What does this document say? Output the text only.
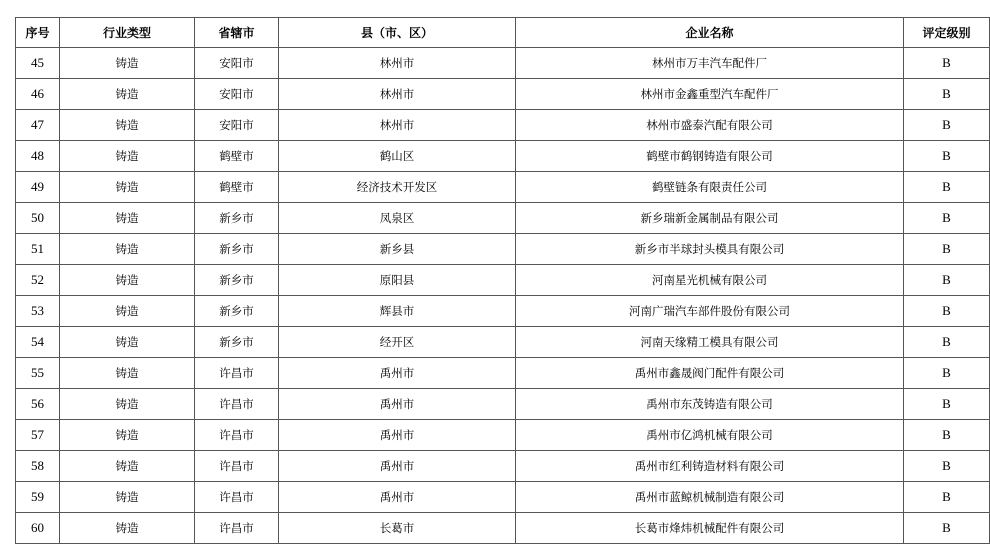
序号	行业类型	省辖市	县（市、区）	企业名称	评定级别
45	铸造	安阳市	林州市	林州市万丰汽车配件厂	B
46	铸造	安阳市	林州市	林州市金鑫重型汽车配件厂	B
47	铸造	安阳市	林州市	林州市盛泰汽配有限公司	B
48	铸造	鹤壁市	鹤山区	鹤壁市鹤钢铸造有限公司	B
49	铸造	鹤壁市	经济技术开发区	鹤壁链条有限责任公司	B
50	铸造	新乡市	凤泉区	新乡瑞新金属制品有限公司	B
51	铸造	新乡市	新乡县	新乡市半球封头模具有限公司	B
52	铸造	新乡市	原阳县	河南星光机械有限公司	B
53	铸造	新乡市	辉县市	河南广瑞汽车部件股份有限公司	B
54	铸造	新乡市	经开区	河南天缘精工模具有限公司	B
55	铸造	许昌市	禹州市	禹州市鑫晟阀门配件有限公司	B
56	铸造	许昌市	禹州市	禹州市东茂铸造有限公司	B
57	铸造	许昌市	禹州市	禹州市亿鸿机械有限公司	B
58	铸造	许昌市	禹州市	禹州市红利铸造材料有限公司	B
59	铸造	许昌市	禹州市	禹州市蓝鲸机械制造有限公司	B
60	铸造	许昌市	长葛市	长葛市烽炜机械配件有限公司	B
